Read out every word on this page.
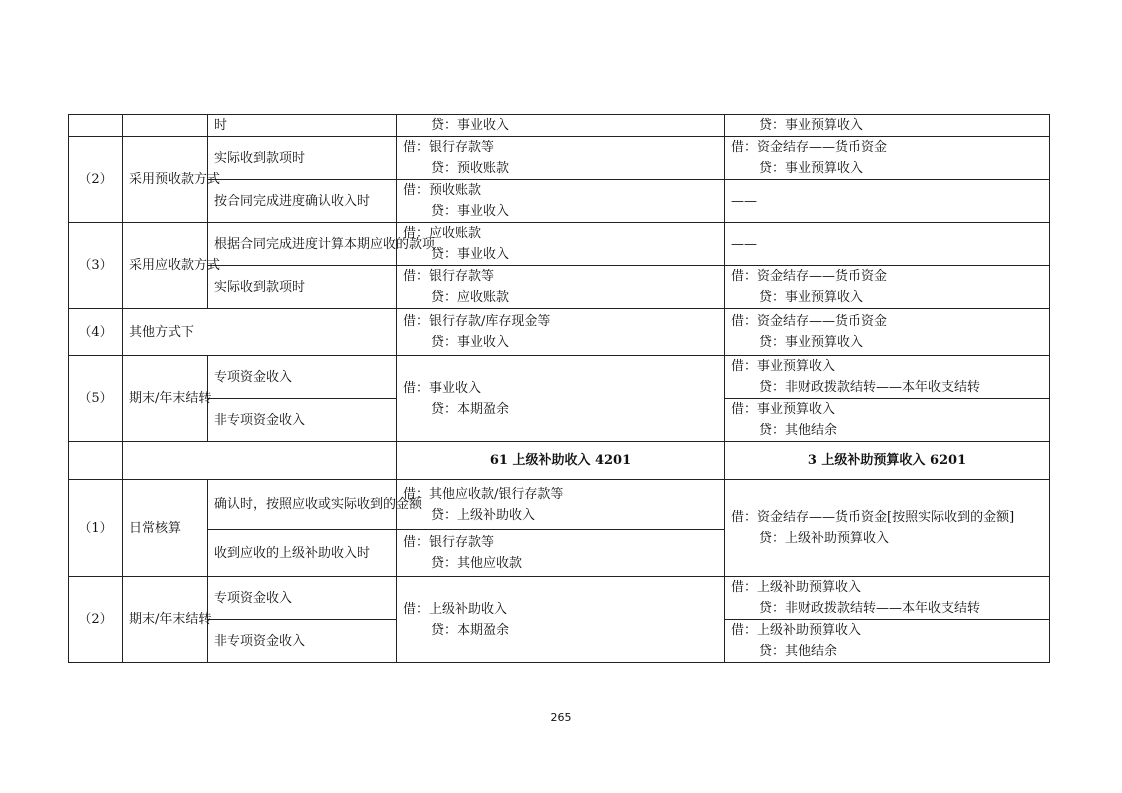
		时	贷：事业收入	贷：事业预算收入

（2）	采用预收款方式	实际收到款项时	借：银行存款等
贷：预收账款	借：资金结存——货币资金
贷：事业预算收入

		按合同完成进度确认收入时	借：预收账款
贷：事业收入	——
（3）	采用应收款方式	根据合同完成进度计算本期应收的款项	借：应收账款
贷：事业收入	——
		实际收到款项时	借：银行存款等
贷：应收账款	借：资金结存——货币资金
贷：事业预算收入

（4）	其他方式下		借：银行存款/库存现金等
贷：事业收入	借：资金结存——货币资金
贷：事业预算收入

（5）	期末/年末结转	专项资金收入	借：事业收入
贷：本期盈余	借：事业预算收入
贷：非财政拨款结转——本年收支结转

		非专项资金收入		借：事业预算收入
贷：其他结余

			61 上级补助收入 4201	3 上级补助预算收入 6201
（1）	日常核算	确认时，按照应收或实际收到的金额	借：其他应收款/银行存款等
贷：上级补助收入	借：资金结存——货币资金[按照实际收到的金额]
贷：上级补助预算收入

		收到应收的上级补助收入时	借：银行存款等
贷：其他应收款	

（2）	期末/年末结转	专项资金收入	借：上级补助收入
贷：本期盈余	借：上级补助预算收入
贷：非财政拨款结转——本年收支结转

		非专项资金收入		借：上级补助预算收入
贷：其他结余
265
